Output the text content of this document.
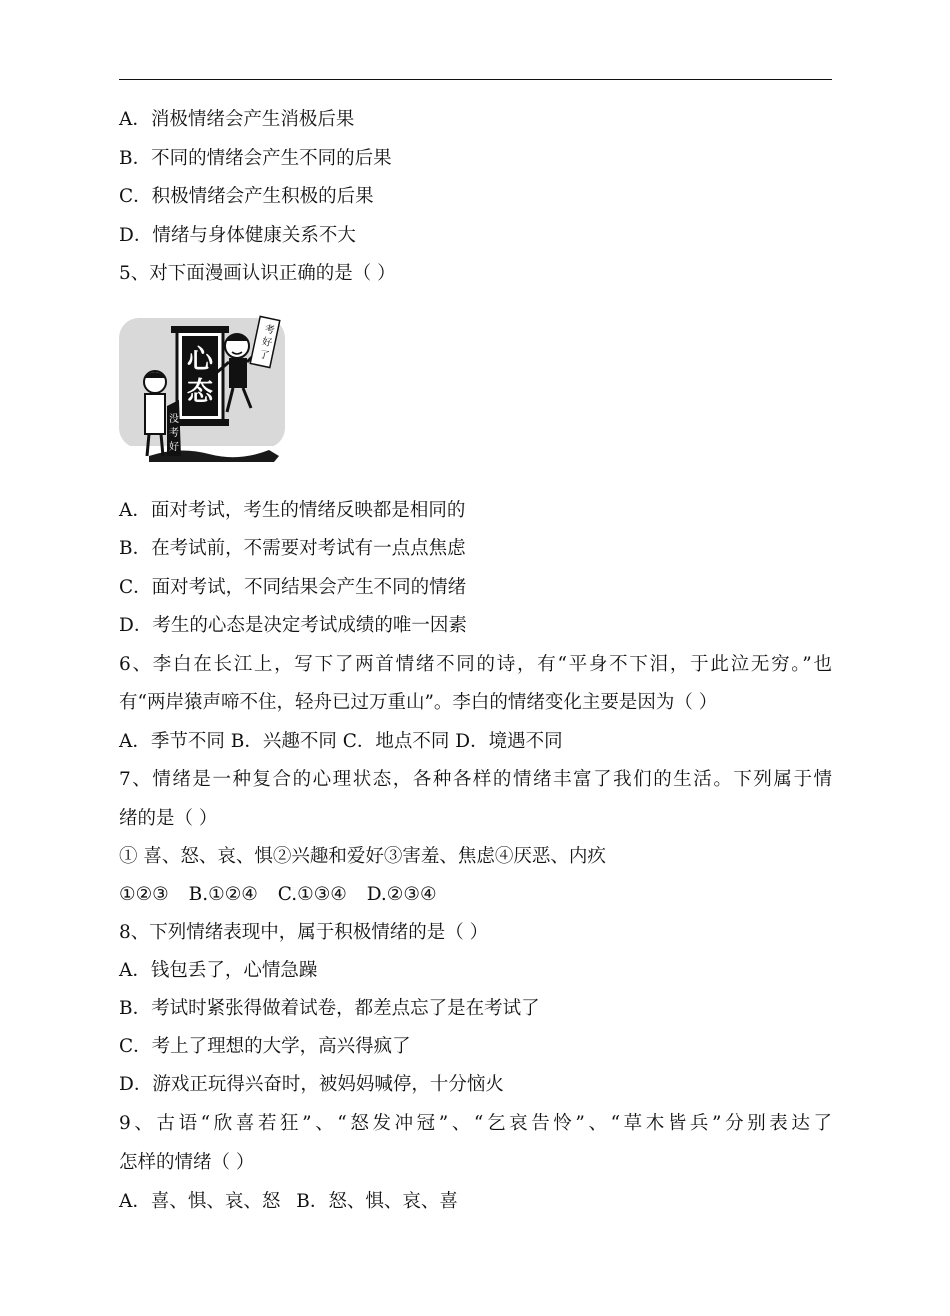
A．消极情绪会产生消极后果
B．不同的情绪会产生不同的后果
C．积极情绪会产生积极的后果
D．情绪与身体健康关系不大
5、对下面漫画认识正确的是（ ）
心
态
考
好
了
没
考
好
A．面对考试，考生的情绪反映都是相同的
B．在考试前，不需要对考试有一点点焦虑
C．面对考试，不同结果会产生不同的情绪
D．考生的心态是决定考试成绩的唯一因素
6、李白在长江上，写下了两首情绪不同的诗，有“平身不下泪，于此泣无穷。”也
有“两岸猿声啼不住，轻舟已过万重山”。李白的情绪变化主要是因为（ ）
A．季节不同 B．兴趣不同 C．地点不同 D．境遇不同
7、情绪是一种复合的心理状态，各种各样的情绪丰富了我们的生活。下列属于情
绪的是（ ）
① 喜、怒、哀、惧②兴趣和爱好③害羞、焦虑④厌恶、内疚
①②③ B.①②④ C.①③④ D.②③④
8、下列情绪表现中，属于积极情绪的是（ ）
A．钱包丢了，心情急躁
B．考试时紧张得做着试卷，都差点忘了是在考试了
C．考上了理想的大学，高兴得疯了
D．游戏正玩得兴奋时，被妈妈喊停，十分恼火
9、古语“欣喜若狂”、“怒发冲冠”、“乞哀告怜”、“草木皆兵”分别表达了
怎样的情绪（ ）
A．喜、惧、哀、怒 B．怒、惧、哀、喜
